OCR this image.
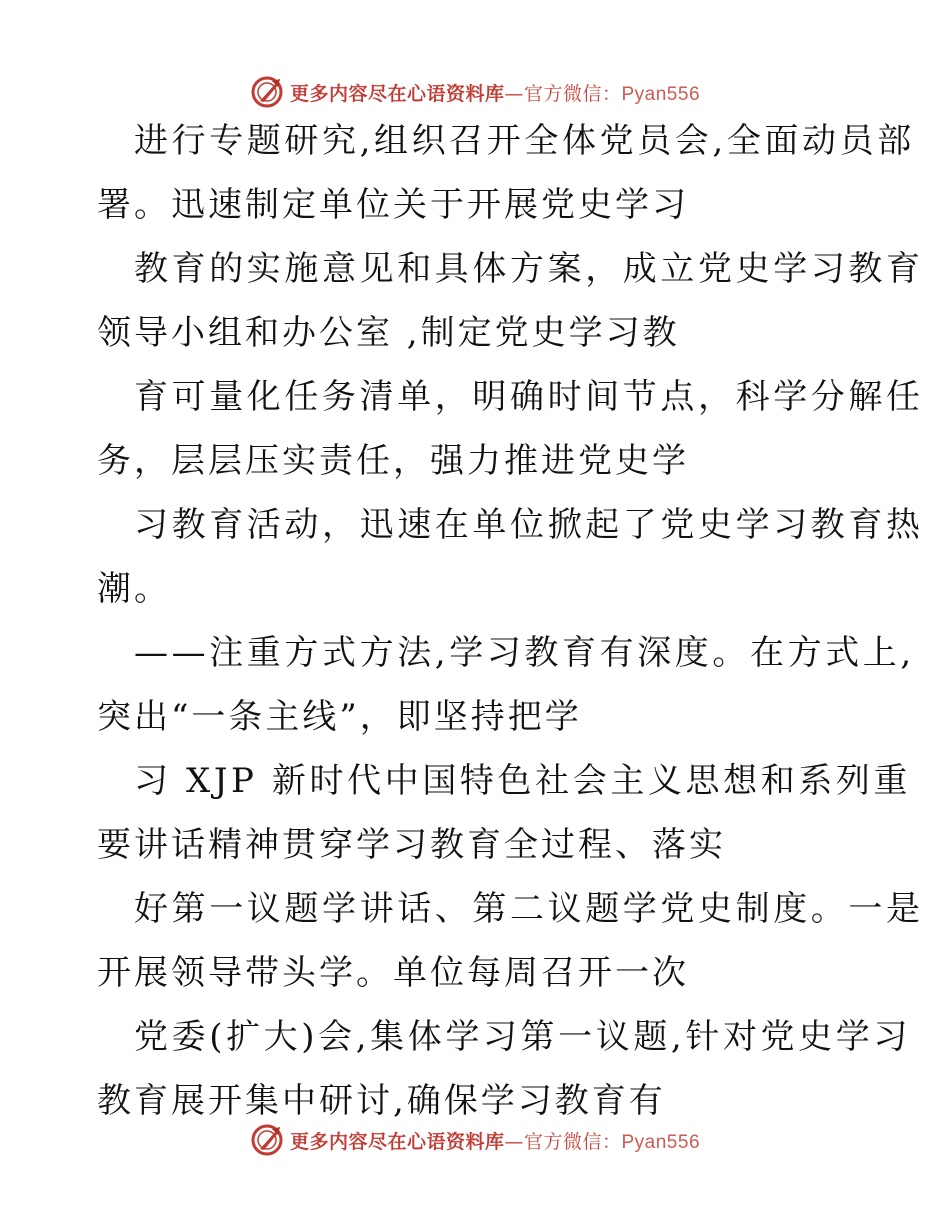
更多内容尽在心语资料库—官方微信：Pyan556
进行专题研究,组织召开全体党员会,全面动员部
署。迅速制定单位关于开展党史学习
教育的实施意见和具体方案，成立党史学习教育
领导小组和办公室 ,制定党史学习教
育可量化任务清单，明确时间节点，科学分解任
务，层层压实责任，强力推进党史学
习教育活动，迅速在单位掀起了党史学习教育热
潮。
——注重方式方法,学习教育有深度。在方式上,
突出“一条主线”，即坚持把学
习 XJP 新时代中国特色社会主义思想和系列重
要讲话精神贯穿学习教育全过程、落实
好第一议题学讲话、第二议题学党史制度。一是
开展领导带头学。单位每周召开一次
党委(扩大)会,集体学习第一议题,针对党史学习
教育展开集中研讨,确保学习教育有
更多内容尽在心语资料库—官方微信：Pyan556
